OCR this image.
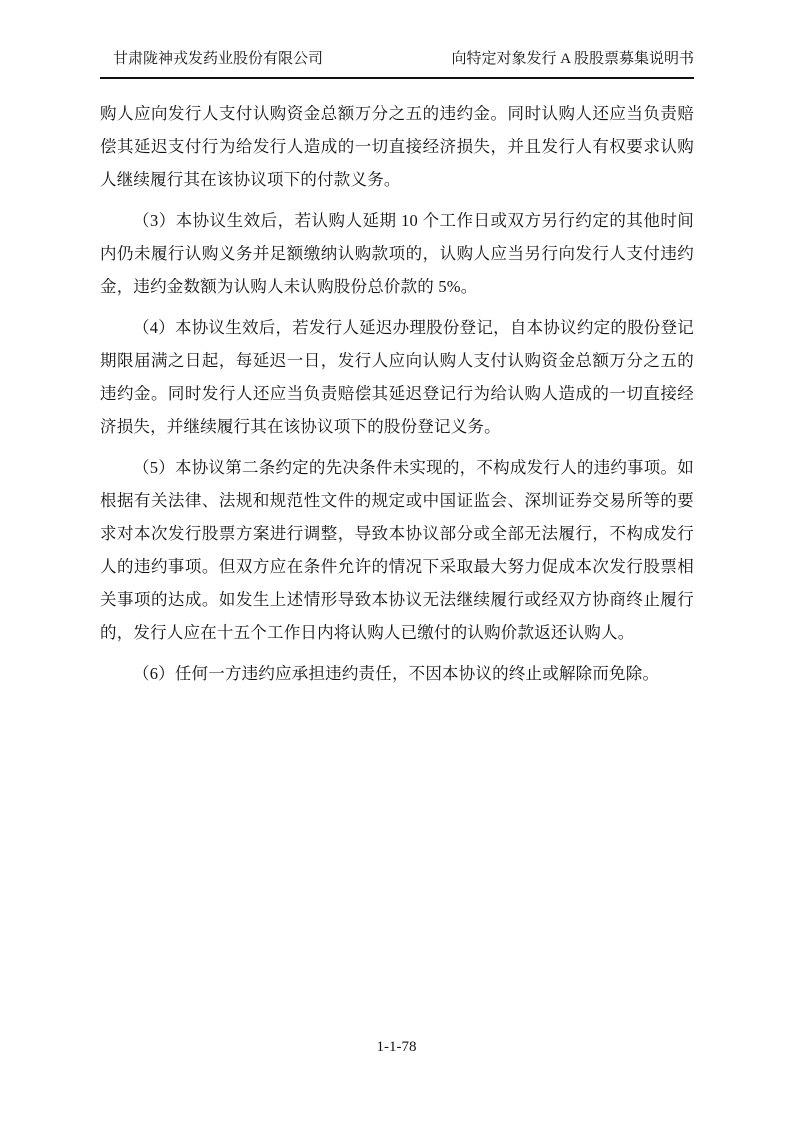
甘肃陇神戎发药业股份有限公司	向特定对象发行 A 股股票募集说明书

购人应向发行人支付认购资金总额万分之五的违约金。同时认购人还应当负责赔偿其延迟支付行为给发行人造成的一切直接经济损失，并且发行人有权要求认购人继续履行其在该协议项下的付款义务。

（3）本协议生效后，若认购人延期 10 个工作日或双方另行约定的其他时间内仍未履行认购义务并足额缴纳认购款项的，认购人应当另行向发行人支付违约金，违约金数额为认购人未认购股份总价款的 5%。

（4）本协议生效后，若发行人延迟办理股份登记，自本协议约定的股份登记期限届满之日起，每延迟一日，发行人应向认购人支付认购资金总额万分之五的违约金。同时发行人还应当负责赔偿其延迟登记行为给认购人造成的一切直接经济损失，并继续履行其在该协议项下的股份登记义务。

（5）本协议第二条约定的先决条件未实现的，不构成发行人的违约事项。如根据有关法律、法规和规范性文件的规定或中国证监会、深圳证券交易所等的要求对本次发行股票方案进行调整，导致本协议部分或全部无法履行，不构成发行人的违约事项。但双方应在条件允许的情况下采取最大努力促成本次发行股票相关事项的达成。如发生上述情形导致本协议无法继续履行或经双方协商终止履行的，发行人应在十五个工作日内将认购人已缴付的认购价款返还认购人。

（6）任何一方违约应承担违约责任，不因本协议的终止或解除而免除。

1-1-78
